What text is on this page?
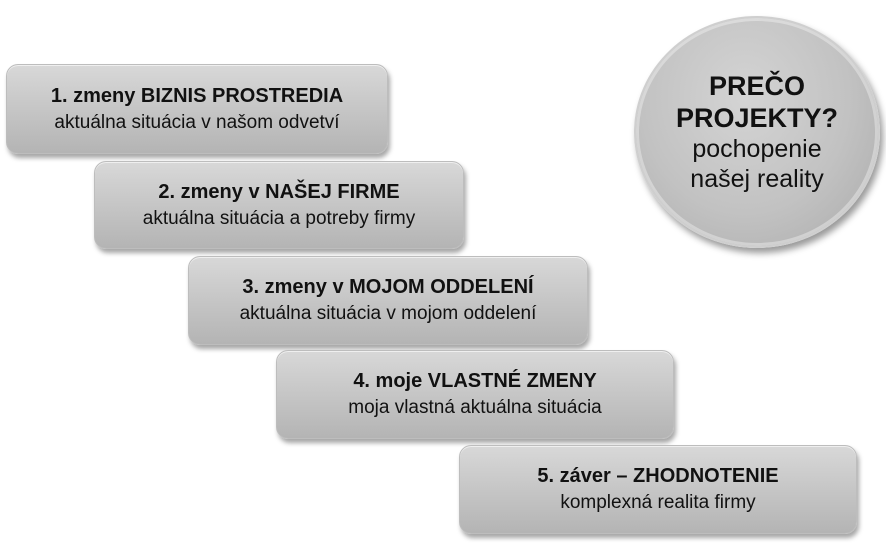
1. zmeny BIZNIS PROSTREDIA
aktuálna situácia v našom odvetví
2. zmeny v NAŠEJ FIRME
aktuálna situácia a potreby firmy
3. zmeny v MOJOM ODDELENÍ
aktuálna situácia v mojom oddelení
4. moje VLASTNÉ ZMENY
moja vlastná aktuálna situácia
5. záver – ZHODNOTENIE
komplexná realita firmy
PREČO
PROJEKTY?
pochopenie
našej reality
